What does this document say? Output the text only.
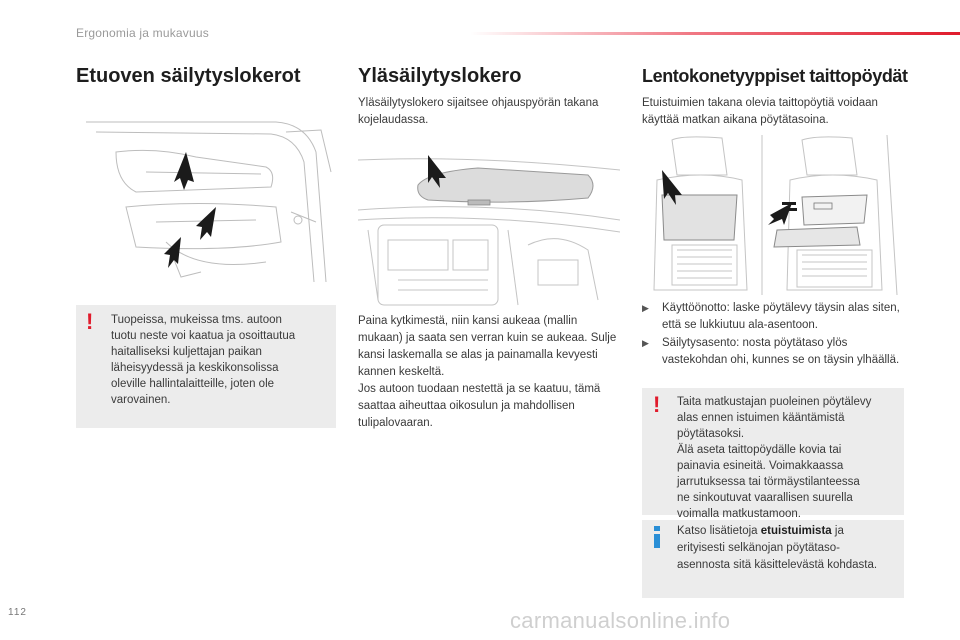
Ergonomia ja mukavuus
Etuoven säilytyslokerot
! Tuopeissa, mukeissa tms. autoon
tuotu neste voi kaatua ja osoittautua
haitalliseksi kuljettajan paikan
läheisyydessä ja keskikonsolissa
oleville hallintalaitteille, joten ole
varovainen.
Yläsäilytyslokero
Yläsäilytyslokero sijaitsee ohjauspyörän takana kojelaudassa.
Paina kytkimestä, niin kansi aukeaa (mallin mukaan) ja saata sen verran kuin se aukeaa. Sulje kansi laskemalla se alas ja painamalla kevyesti kannen keskeltä.
Jos autoon tuodaan nestettä ja se kaatuu, tämä saattaa aiheuttaa oikosulun ja mahdollisen tulipalovaaran.
Lentokonetyyppiset taittopöydät
Etuistuimien takana olevia taittopöytiä voidaan käyttää matkan aikana pöytätasoina.
▶ Käyttöönotto: laske pöytälevy täysin alas siten, että se lukkiutuu ala-asentoon.
▶ Säilytysasento: nosta pöytätaso ylös vastekohdan ohi, kunnes se on täysin ylhäällä.
! Taita matkustajan puoleinen pöytälevy
alas ennen istuimen kääntämistä
pöytätasoksi.
Älä aseta taittopöydälle kovia tai
painavia esineitä. Voimakkaassa
jarrutuksessa tai törmäystilanteessa
ne sinkoutuvat vaarallisen suurella
voimalla matkustamoon.
Katso lisätietoja etuistuimista ja
erityisesti selkänojan pöytätaso-
asennosta sitä käsittelevästä kohdasta.
112	carmanualsonline.info
